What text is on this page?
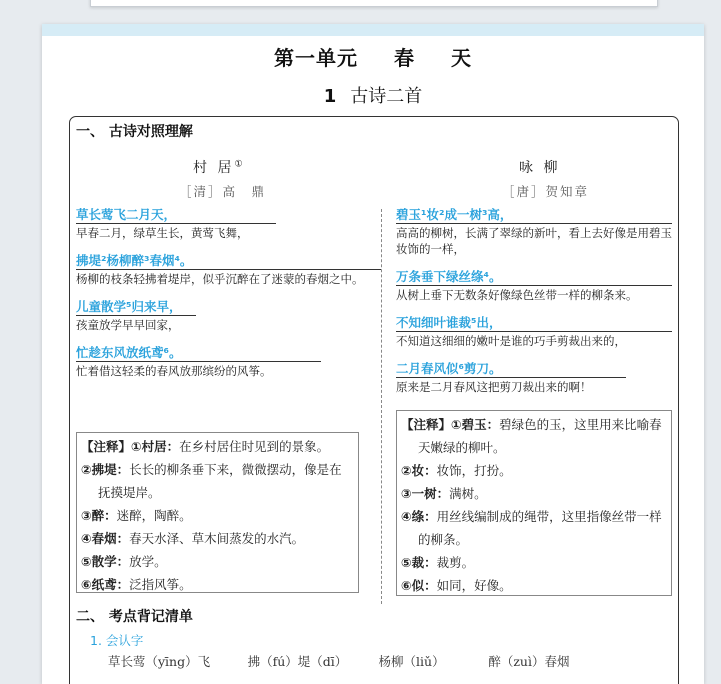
第一单元 春 天
1 古诗二首
一、 古诗对照理解
村 居①
［清］高　鼎
草长莺飞二月天，
早春二月，绿草生长，黄莺飞舞，
拂堤²杨柳醉³春烟⁴。
杨柳的枝条轻拂着堤岸，似乎沉醉在了迷蒙的春烟之中。
儿童散学⁵归来早，
孩童放学早早回家，
忙趁东风放纸鸢⁶。
忙着借这轻柔的春风放那缤纷的风筝。
【注释】①村居：在乡村居住时见到的景象。
②拂堤：长长的柳条垂下来，微微摆动，像是在抚摸堤岸。
③醉：迷醉，陶醉。
④春烟：春天水泽、草木间蒸发的水汽。
⑤散学：放学。
⑥纸鸢：泛指风筝。
咏 柳
［唐］贺知章
碧玉¹妆²成一树³高，
高高的柳树，长满了翠绿的新叶，看上去好像是用碧玉妆饰的一样，
万条垂下绿丝绦⁴。
从树上垂下无数条好像绿色丝带一样的柳条来。
不知细叶谁裁⁵出，
不知道这细细的嫩叶是谁的巧手剪裁出来的，
二月春风似⁶剪刀。
原来是二月春风这把剪刀裁出来的啊！
【注释】①碧玉：碧绿色的玉，这里用来比喻春天嫩绿的柳叶。
②妆：妆饰，打扮。
③一树：满树。
④绦：用丝线编制成的绳带，这里指像丝带一样的柳条。
⑤裁：裁剪。
⑥似：如同，好像。
二、 考点背记清单
1. 会认字
草长莺（yīng）飞　　　拂（fú）堤（dī）　　　杨柳（liǔ）　　　　醉（zuì）春烟
